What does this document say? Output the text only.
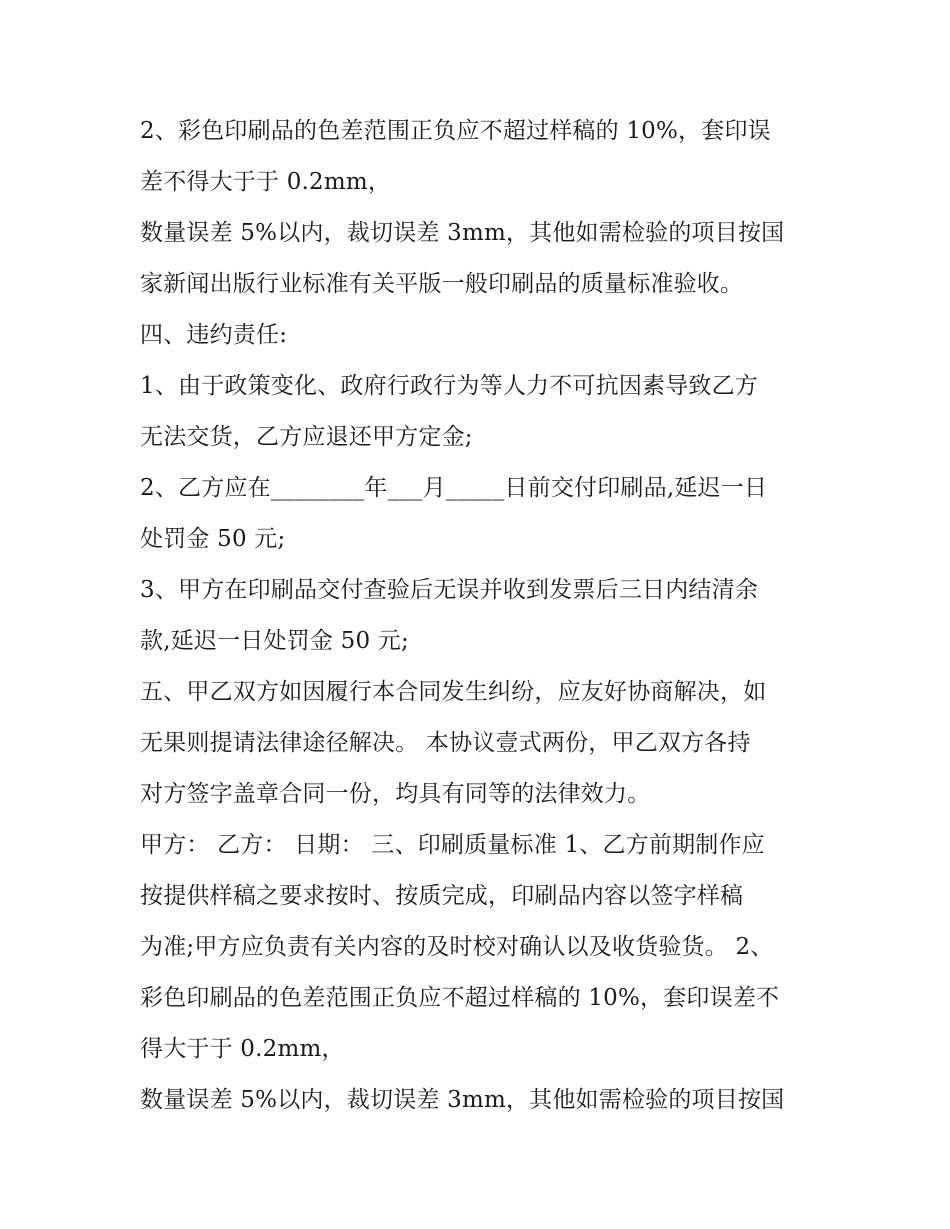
2、彩色印刷品的色差范围正负应不超过样稿的 10%，套印误
差不得大于于 0.2mm，
数量误差 5%以内，裁切误差 3mm，其他如需检验的项目按国
家新闻出版行业标准有关平版一般印刷品的质量标准验收。
四、违约责任:
1、由于政策变化、政府行政行为等人力不可抗因素导致乙方
无法交货，乙方应退还甲方定金;
2、乙方应在________年___月_____日前交付印刷品,延迟一日
处罚金 50 元;
3、甲方在印刷品交付查验后无误并收到发票后三日内结清余
款,延迟一日处罚金 50 元;
五、甲乙双方如因履行本合同发生纠纷，应友好协商解决，如
无果则提请法律途径解决。 本协议壹式两份，甲乙双方各持
对方签字盖章合同一份，均具有同等的法律效力。
甲方： 乙方： 日期： 三、印刷质量标准 1、乙方前期制作应
按提供样稿之要求按时、按质完成，印刷品内容以签字样稿
为准;甲方应负责有关内容的及时校对确认以及收货验货。 2、
彩色印刷品的色差范围正负应不超过样稿的 10%，套印误差不
得大于于 0.2mm，
数量误差 5%以内，裁切误差 3mm，其他如需检验的项目按国
